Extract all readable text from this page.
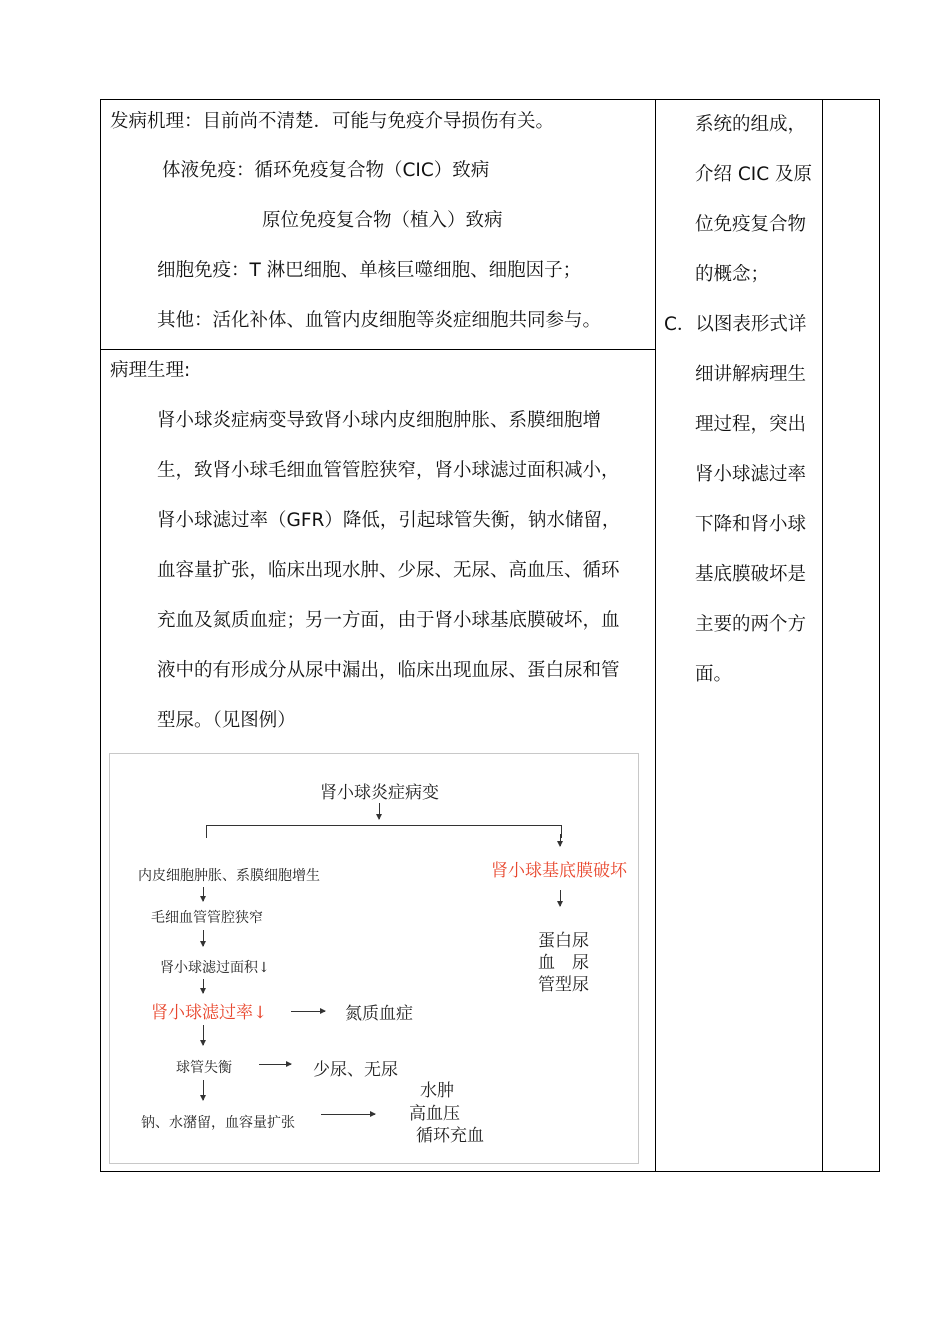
发病机理：目前尚不清楚．可能与免疫介导损伤有关。
体液免疫：循环免疫复合物（CIC）致病
原位免疫复合物（植入）致病
细胞免疫：T 淋巴细胞、单核巨噬细胞、细胞因子；
其他：活化补体、血管内皮细胞等炎症细胞共同参与。
病理生理:
肾小球炎症病变导致肾小球内皮细胞肿胀、系膜细胞增
生，致肾小球毛细血管管腔狭窄，肾小球滤过面积减小，
肾小球滤过率（GFR）降低，引起球管失衡，钠水储留，
血容量扩张，临床出现水肿、少尿、无尿、高血压、循环
充血及氮质血症；另一方面，由于肾小球基底膜破坏，血
液中的有形成分从尿中漏出，临床出现血尿、蛋白尿和管
型尿。（见图例）
系统的组成，
介绍 CIC 及原
位免疫复合物
的概念；
C．以图表形式详
细讲解病理生
理过程，突出
肾小球滤过率
下降和肾小球
基底膜破坏是
主要的两个方
面。
肾小球炎症病变
内皮细胞肿胀、系膜细胞增生
毛细血管管腔狭窄
肾小球滤过面积↓
肾小球滤过率↓	氮质血症
球管失衡	少尿、无尿
钠、水潴留，血容量扩张
水肿
高血压
循环充血
肾小球基底膜破坏
蛋白尿
血　尿
管型尿
